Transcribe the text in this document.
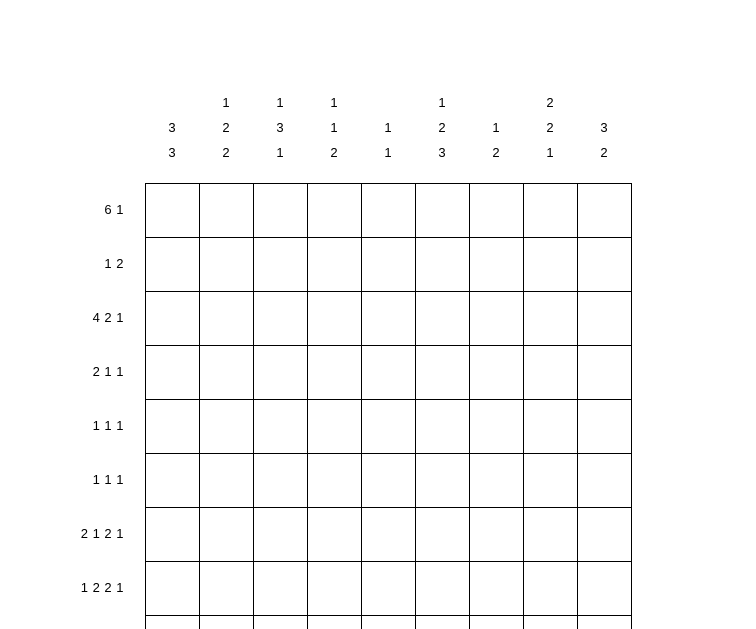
3
3
1
2
2
1
3
1
1
1
2
1
1
1
2
3
1
2
2
2
1
3
2
6 1
1 2
4 2 1
2 1 1
1 1 1
1 1 1
2 1 2 1
1 2 2 1
